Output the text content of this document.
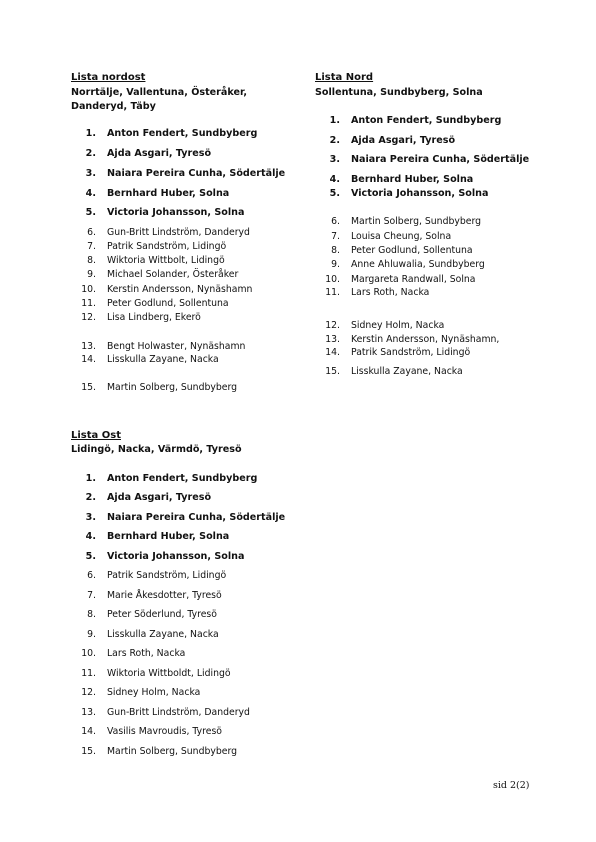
Lista nordost
Norrtälje, Vallentuna, Österåker,
Danderyd, Täby
1. Anton Fendert, Sundbyberg
2. Ajda Asgari, Tyresö
3. Naiara Pereira Cunha, Södertälje
4. Bernhard Huber, Solna
5. Victoria Johansson, Solna
6. Gun-Britt Lindström, Danderyd
7. Patrik Sandström, Lidingö
8. Wiktoria Wittbolt, Lidingö
9. Michael Solander, Österåker
10. Kerstin Andersson, Nynäshamn
11. Peter Godlund, Sollentuna
12. Lisa Lindberg, Ekerö
13. Bengt Holwaster, Nynäshamn
14. Lisskulla Zayane, Nacka
15. Martin Solberg, Sundbyberg
Lista Nord
Sollentuna, Sundbyberg, Solna
1. Anton Fendert, Sundbyberg
2. Ajda Asgari, Tyresö
3. Naiara Pereira Cunha, Södertälje
4. Bernhard Huber, Solna
5. Victoria Johansson, Solna
6. Martin Solberg, Sundbyberg
7. Louisa Cheung, Solna
8. Peter Godlund, Sollentuna
9. Anne Ahluwalia, Sundbyberg
10. Margareta Randwall, Solna
11. Lars Roth, Nacka
12. Sidney Holm, Nacka
13. Kerstin Andersson, Nynäshamn,
14. Patrik Sandström, Lidingö
15. Lisskulla Zayane, Nacka
Lista Ost
Lidingö, Nacka, Värmdö, Tyresö
1. Anton Fendert, Sundbyberg
2. Ajda Asgari, Tyresö
3. Naiara Pereira Cunha, Södertälje
4. Bernhard Huber, Solna
5. Victoria Johansson, Solna
6. Patrik Sandström, Lidingö
7. Marie Åkesdotter, Tyresö
8. Peter Söderlund, Tyresö
9. Lisskulla Zayane, Nacka
10. Lars Roth, Nacka
11. Wiktoria Wittboldt, Lidingö
12. Sidney Holm, Nacka
13. Gun-Britt Lindström, Danderyd
14. Vasilis Mavroudis, Tyresö
15. Martin Solberg, Sundbyberg
sid 2(2)
